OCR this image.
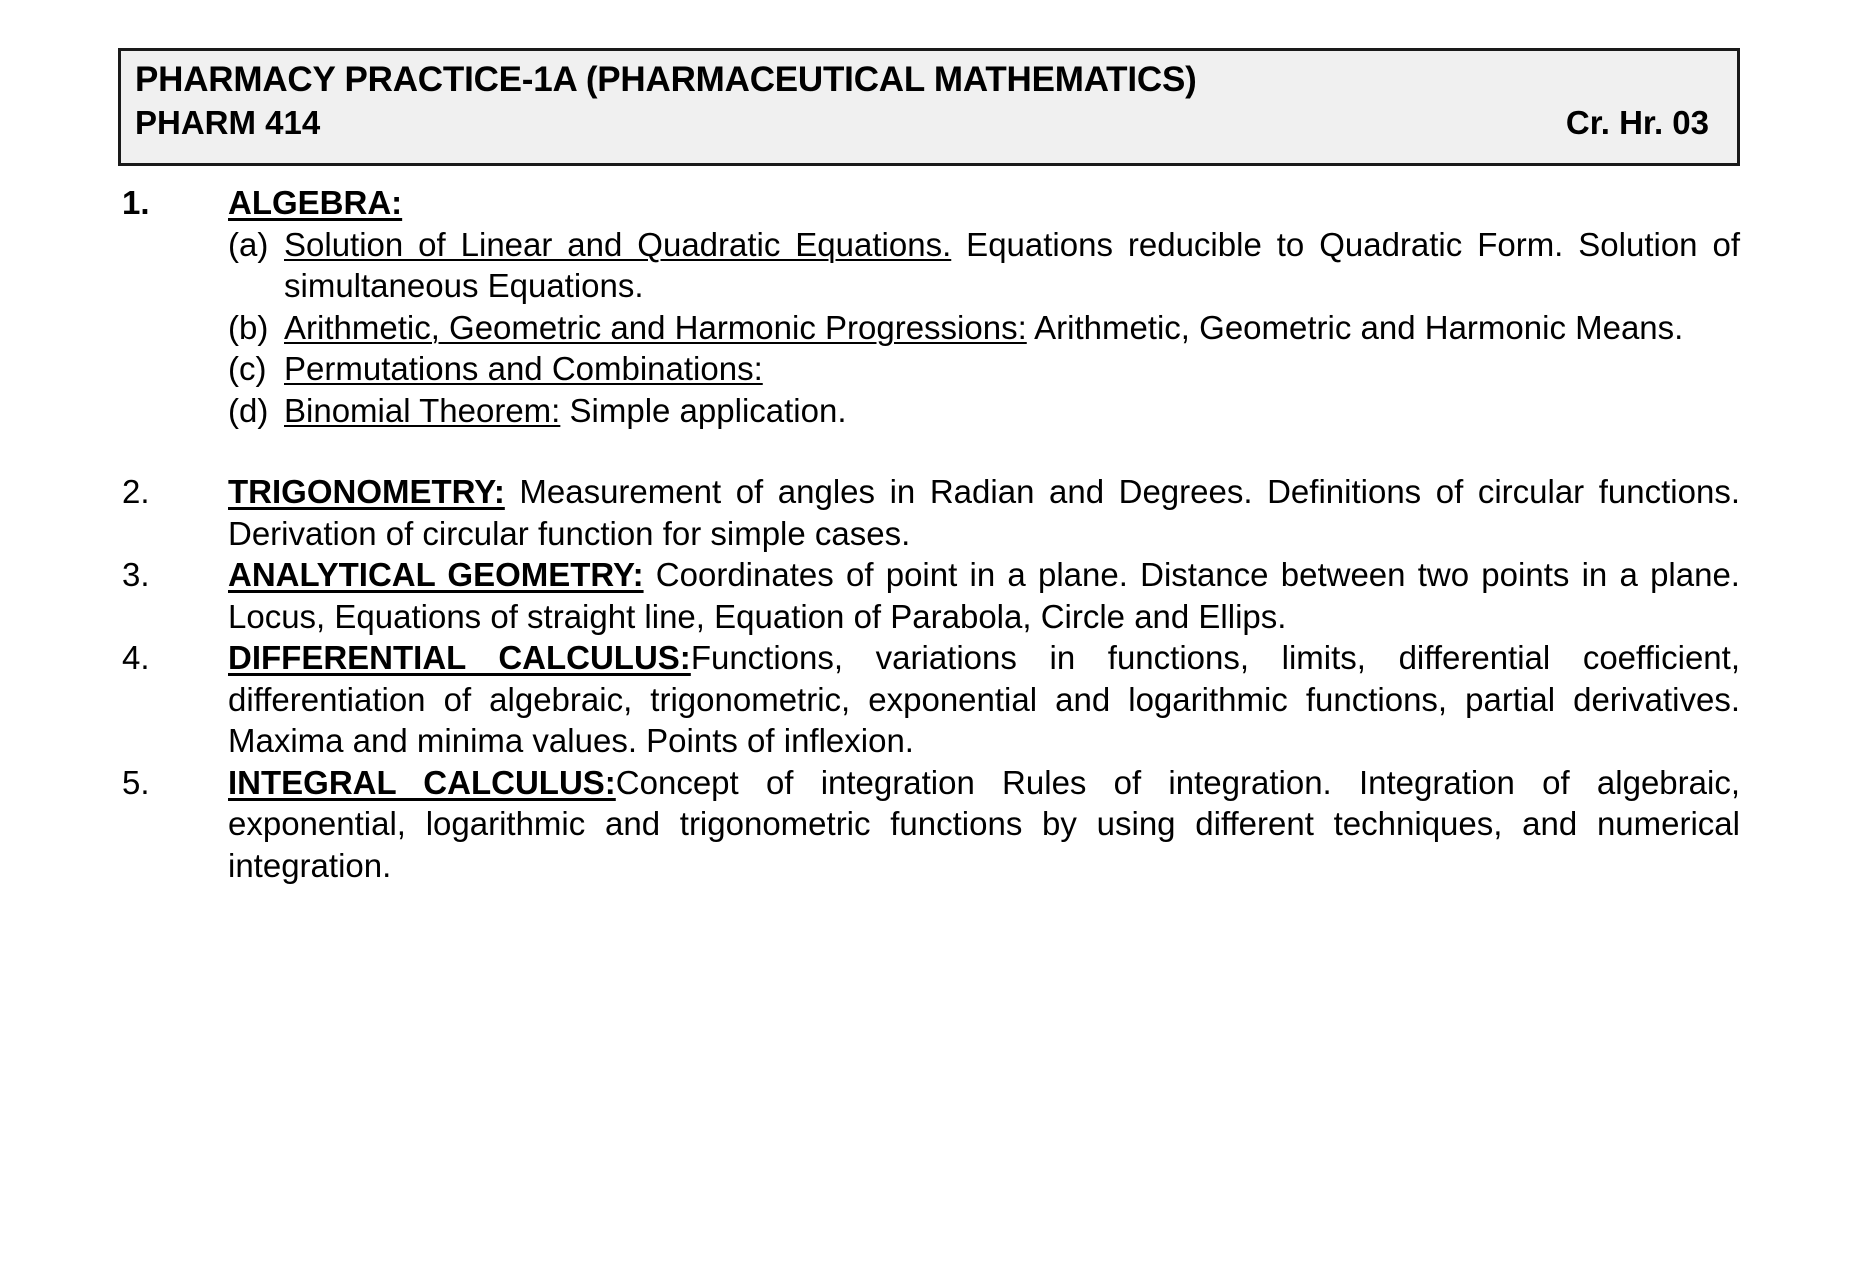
PHARMACY PRACTICE-1A (PHARMACEUTICAL MATHEMATICS)
PHARM 414	Cr. Hr. 03
1.	ALGEBRA:
(a) Solution of Linear and Quadratic Equations. Equations reducible to Quadratic Form. Solution of simultaneous Equations.
(b) Arithmetic, Geometric and Harmonic Progressions: Arithmetic, Geometric and Harmonic Means.
(c) Permutations and Combinations:
(d) Binomial Theorem: Simple application.
2.	TRIGONOMETRY: Measurement of angles in Radian and Degrees. Definitions of circular functions. Derivation of circular function for simple cases.
3.	ANALYTICAL GEOMETRY: Coordinates of point in a plane. Distance between two points in a plane. Locus, Equations of straight line, Equation of Parabola, Circle and Ellips.
4.	DIFFERENTIAL CALCULUS:Functions, variations in functions, limits, differential coefficient, differentiation of algebraic, trigonometric, exponential and logarithmic functions, partial derivatives. Maxima and minima values. Points of inflexion.
5.	INTEGRAL CALCULUS:Concept of integration Rules of integration. Integration of algebraic, exponential, logarithmic and trigonometric functions by using different techniques, and numerical integration.
